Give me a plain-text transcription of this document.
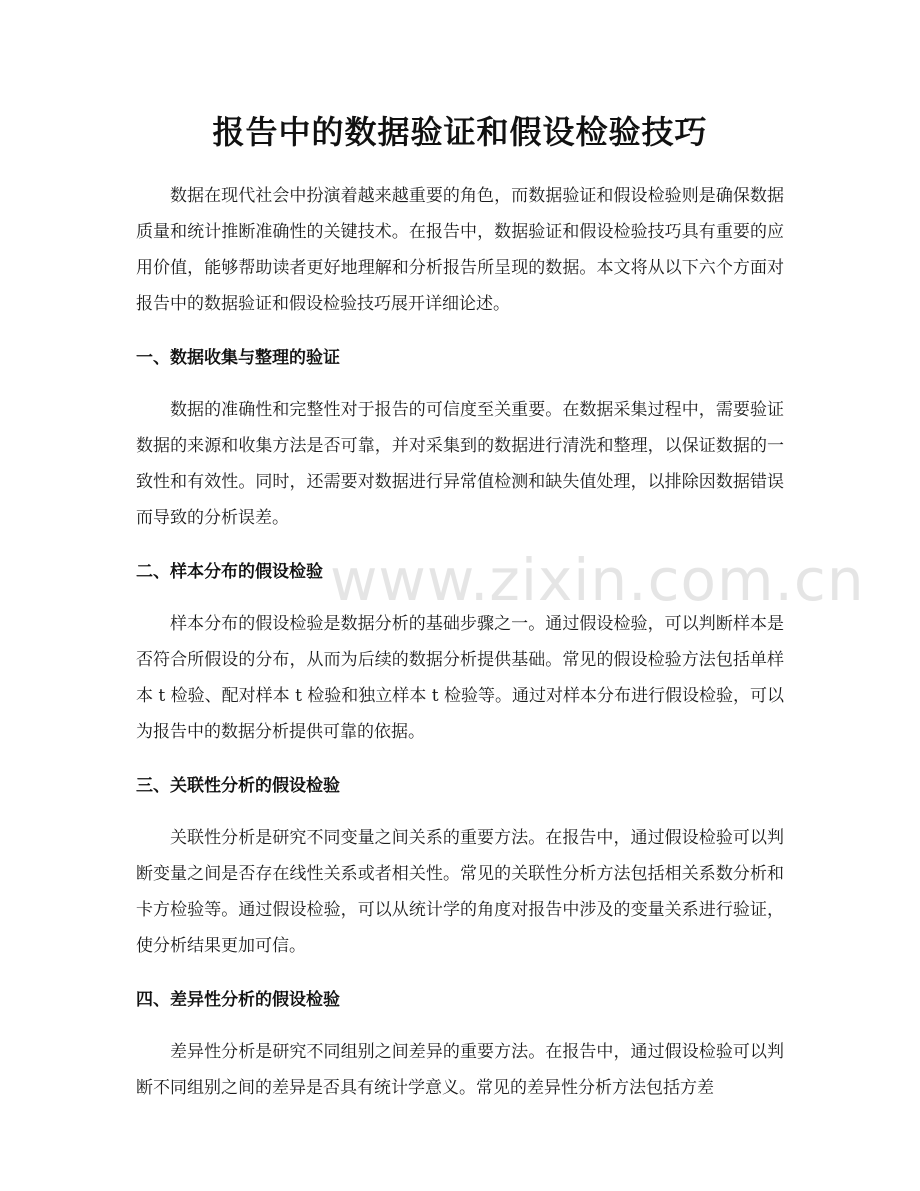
报告中的数据验证和假设检验技巧

数据在现代社会中扮演着越来越重要的角色，而数据验证和假设检验则是确保数据质量和统计推断准确性的关键技术。在报告中，数据验证和假设检验技巧具有重要的应用价值，能够帮助读者更好地理解和分析报告所呈现的数据。本文将从以下六个方面对报告中的数据验证和假设检验技巧展开详细论述。

一、数据收集与整理的验证

数据的准确性和完整性对于报告的可信度至关重要。在数据采集过程中，需要验证数据的来源和收集方法是否可靠，并对采集到的数据进行清洗和整理，以保证数据的一致性和有效性。同时，还需要对数据进行异常值检测和缺失值处理，以排除因数据错误而导致的分析误差。

二、样本分布的假设检验

样本分布的假设检验是数据分析的基础步骤之一。通过假设检验，可以判断样本是否符合所假设的分布，从而为后续的数据分析提供基础。常见的假设检验方法包括单样本 t 检验、配对样本 t 检验和独立样本 t 检验等。通过对样本分布进行假设检验，可以为报告中的数据分析提供可靠的依据。

三、关联性分析的假设检验

关联性分析是研究不同变量之间关系的重要方法。在报告中，通过假设检验可以判断变量之间是否存在线性关系或者相关性。常见的关联性分析方法包括相关系数分析和卡方检验等。通过假设检验，可以从统计学的角度对报告中涉及的变量关系进行验证，使分析结果更加可信。

四、差异性分析的假设检验

差异性分析是研究不同组别之间差异的重要方法。在报告中，通过假设检验可以判断不同组别之间的差异是否具有统计学意义。常见的差异性分析方法包括方差

www.zixin.com.cn
